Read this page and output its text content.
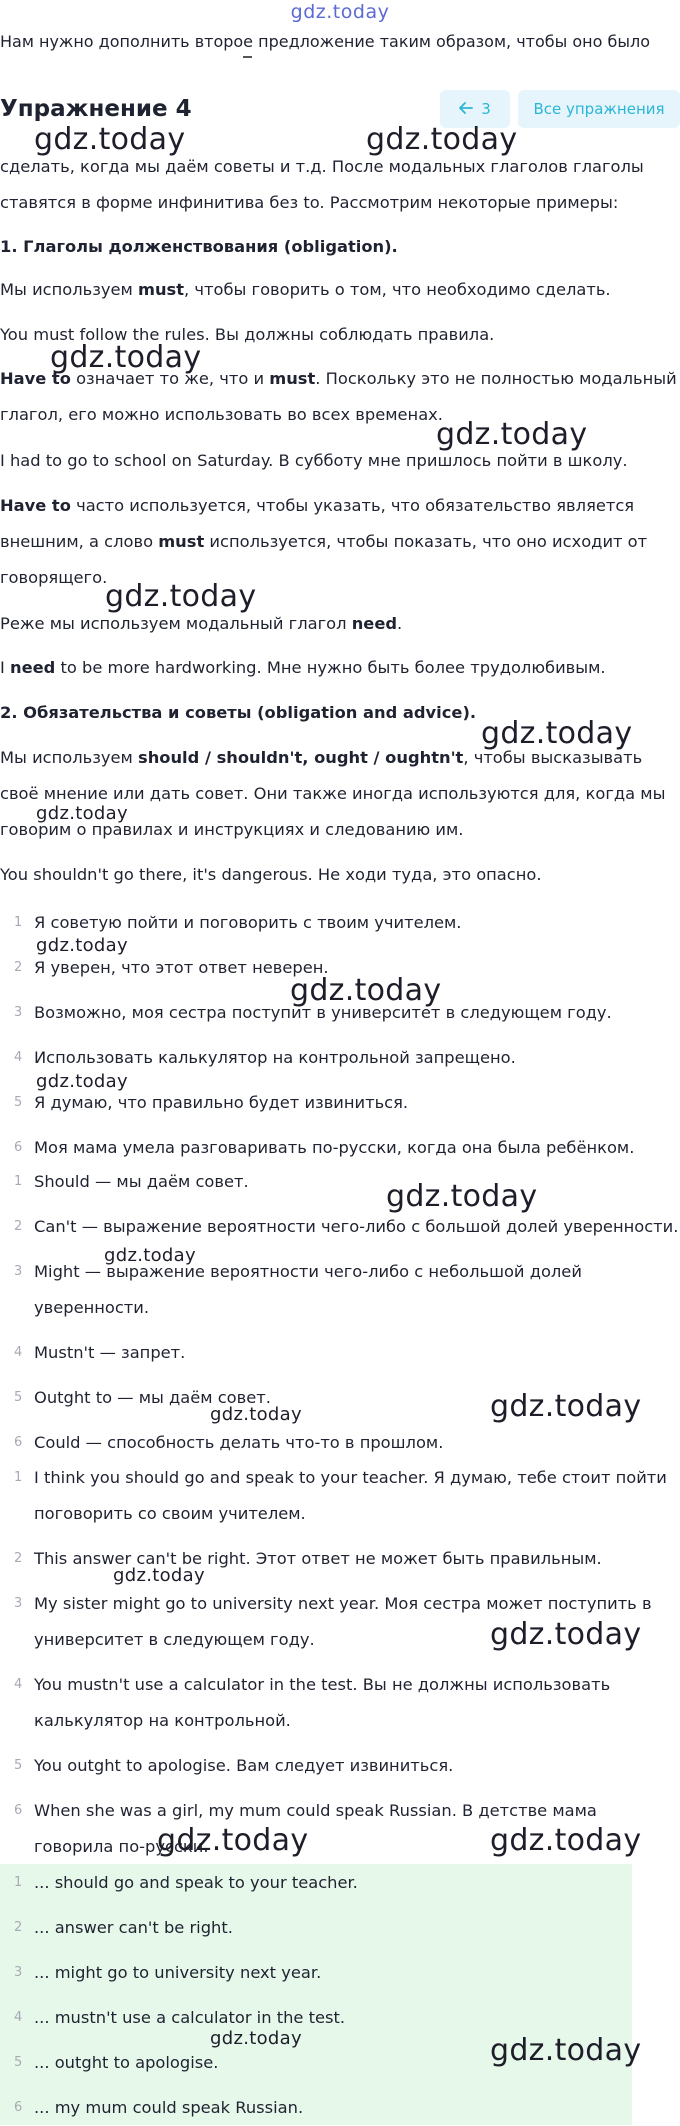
gdz.today
Нам нужно дополнить второе предложение таким образом, чтобы оно было
Упражнение 4	3	Все упражнения

сделать, когда мы даём советы и т.д. После модальных глаголов глаголы ставятся в форме инфинитива без to. Рассмотрим некоторые примеры:

1. Глаголы долженствования (obligation).

Мы используем must, чтобы говорить о том, что необходимо сделать.

You must follow the rules. Вы должны соблюдать правила.

Have to означает то же, что и must. Поскольку это не полностью модальный глагол, его можно использовать во всех временах.

I had to go to school on Saturday. В субботу мне пришлось пойти в школу.

Have to часто используется, чтобы указать, что обязательство является внешним, а слово must используется, чтобы показать, что оно исходит от говорящего.

Реже мы используем модальный глагол need.

I need to be more hardworking. Мне нужно быть более трудолюбивым.

2. Обязательства и советы (obligation and advice).

Мы используем should / shouldn't, ought / oughtn't, чтобы высказывать своё мнение или дать совет. Они также иногда используются для, когда мы говорим о правилах и инструкциях и следованию им.

You shouldn't go there, it's dangerous. Не ходи туда, это опасно.

1 Я советую пойти и поговорить с твоим учителем.
2 Я уверен, что этот ответ неверен.
3 Возможно, моя сестра поступит в университет в следующем году.
4 Использовать калькулятор на контрольной запрещено.
5 Я думаю, что правильно будет извиниться.
6 Моя мама умела разговаривать по-русски, когда она была ребёнком.
1 Should — мы даём совет.
2 Can't — выражение вероятности чего-либо с большой долей уверенности.
3 Might — выражение вероятности чего-либо с небольшой долей уверенности.
4 Mustn't — запрет.
5 Outght to — мы даём совет.
6 Could — способность делать что-то в прошлом.
1 I think you should go and speak to your teacher. Я думаю, тебе стоит пойти поговорить со своим учителем.
2 This answer can't be right. Этот ответ не может быть правильным.
3 My sister might go to university next year. Моя сестра может поступить в университет в следующем году.
4 You mustn't use a calculator in the test. Вы не должны использовать калькулятор на контрольной.
5 You outght to apologise. Вам следует извиниться.
6 When she was a girl, my mum could speak Russian. В детстве мама говорила по-русски.
1 ... should go and speak to your teacher.
2 ... answer can't be right.
3 ... might go to university next year.
4 ... mustn't use a calculator in the test.
5 ... outght to apologise.
6 ... my mum could speak Russian.
gdz.today	gdz.today
gdz.today
gdz.today
gdz.today
gdz.today
gdz.today
gdz.today
gdz.today
gdz.today
gdz.today
gdz.today
gdz.today
gdz.today
gdz.today
gdz.today
gdz.today	gdz.today
gdz.today	gdz.today
